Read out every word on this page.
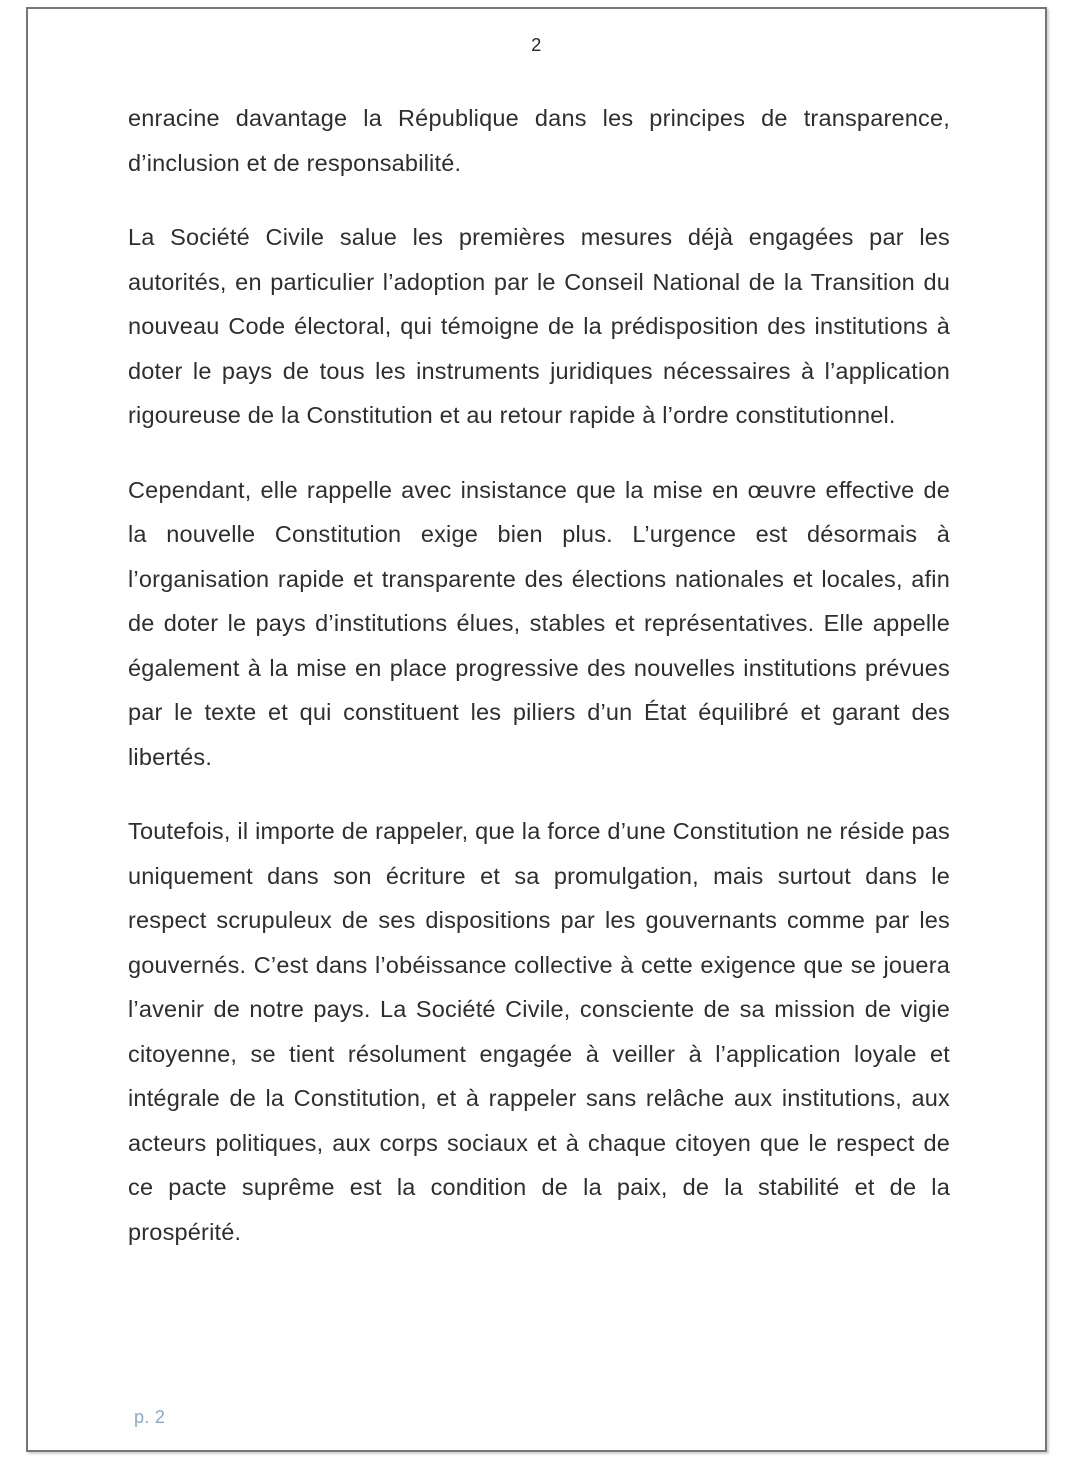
2

enracine davantage la République dans les principes de transparence, d’inclusion et de responsabilité.

La Société Civile salue les premières mesures déjà engagées par les autorités, en particulier l’adoption par le Conseil National de la Transition du nouveau Code électoral, qui témoigne de la prédisposition des institutions à doter le pays de tous les instruments juridiques nécessaires à l’application rigoureuse de la Constitution et au retour rapide à l’ordre constitutionnel.

Cependant, elle rappelle avec insistance que la mise en œuvre effective de la nouvelle Constitution exige bien plus. L’urgence est désormais à l’organisation rapide et transparente des élections nationales et locales, afin de doter le pays d’institutions élues, stables et représentatives. Elle appelle également à la mise en place progressive des nouvelles institutions prévues par le texte et qui constituent les piliers d’un État équilibré et garant des libertés.

Toutefois, il importe de rappeler, que la force d’une Constitution ne réside pas uniquement dans son écriture et sa promulgation, mais surtout dans le respect scrupuleux de ses dispositions par les gouvernants comme par les gouvernés. C’est dans l’obéissance collective à cette exigence que se jouera l’avenir de notre pays. La Société Civile, consciente de sa mission de vigie citoyenne, se tient résolument engagée à veiller à l’application loyale et intégrale de la Constitution, et à rappeler sans relâche aux institutions, aux acteurs politiques, aux corps sociaux et à chaque citoyen que le respect de ce pacte suprême est la condition de la paix, de la stabilité et de la prospérité.

p. 2
